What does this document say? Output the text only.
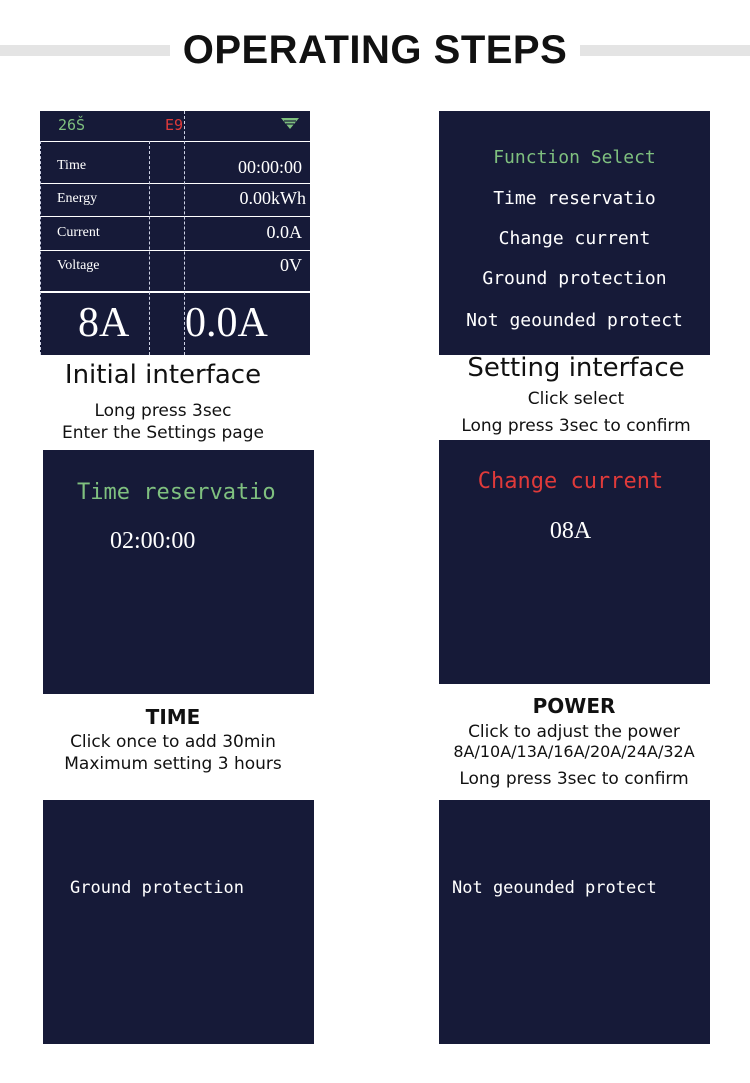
OPERATING STEPS
26Š	E9
Time	00:00:00
Energy	0.00kWh
Current	0.0A
Voltage	0V
8A 0.0A
Initial interface
Long press 3sec
Enter the Settings page
Function Select
Time reservatio
Change current
Ground protection
Not geounded protect
Setting interface
Click select
Long press 3sec to confirm
Time reservatio
02:00:00
TIME
Click once to add 30min
Maximum setting 3 hours
Change current
08A
POWER
Click to adjust the power
8A/10A/13A/16A/20A/24A/32A
Long press 3sec to confirm
Ground protection	Not geounded protect
